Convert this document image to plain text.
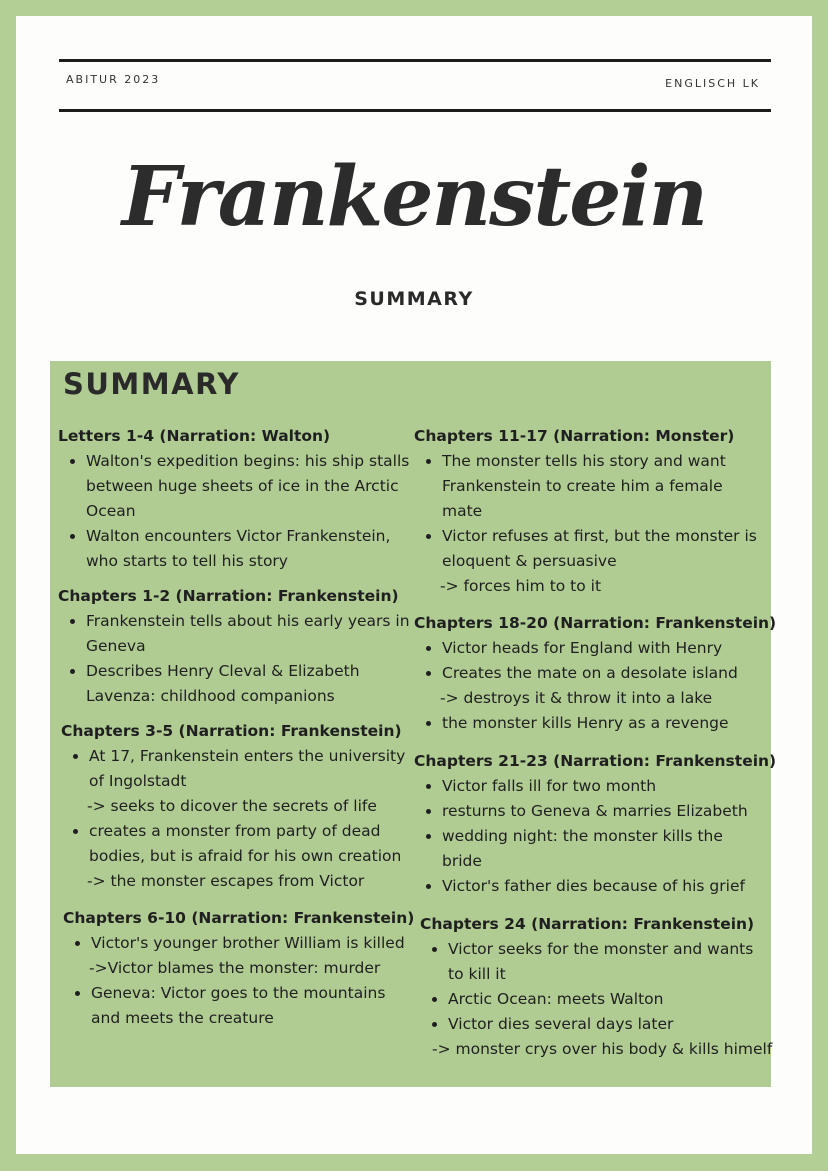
ABITUR 2023	ENGLISCH LK
Frankenstein
SUMMARY
SUMMARY
Letters 1-4 (Narration: Walton)
• Walton's expedition begins: his ship stalls between huge sheets of ice in the Arctic Ocean
• Walton encounters Victor Frankenstein, who starts to tell his story
Chapters 1-2 (Narration: Frankenstein)
• Frankenstein tells about his early years in Geneva
• Describes Henry Cleval & Elizabeth Lavenza: childhood companions
Chapters 3-5 (Narration: Frankenstein)
• At 17, Frankenstein enters the university of Ingolstadt
-> seeks to dicover the secrets of life
• creates a monster from party of dead bodies, but is afraid for his own creation
-> the monster escapes from Victor
Chapters 6-10 (Narration: Frankenstein)
• Victor's younger brother William is killed
->Victor blames the monster: murder
• Geneva: Victor goes to the mountains and meets the creature
Chapters 11-17 (Narration: Monster)
• The monster tells his story and want Frankenstein to create him a female mate
• Victor refuses at first, but the monster is eloquent & persuasive
-> forces him to to it
Chapters 18-20 (Narration: Frankenstein)
• Victor heads for England with Henry
• Creates the mate on a desolate island
-> destroys it & throw it into a lake
• the monster kills Henry as a revenge
Chapters 21-23 (Narration: Frankenstein)
• Victor falls ill for two month
• resturns to Geneva & marries Elizabeth
• wedding night: the monster kills the bride
• Victor's father dies because of his grief
Chapters 24 (Narration: Frankenstein)
• Victor seeks for the monster and wants to kill it
• Arctic Ocean: meets Walton
• Victor dies several days later
-> monster crys over his body & kills himelf
